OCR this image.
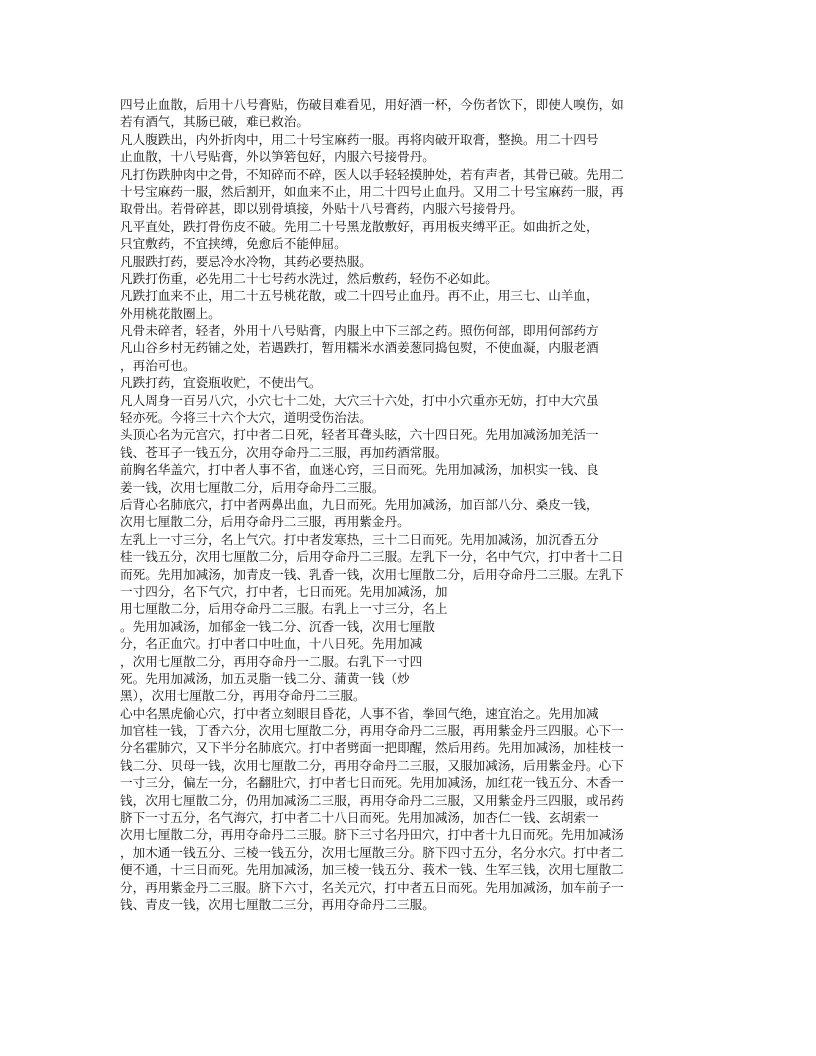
四号止血散，后用十八号膏贴，伤破目难看见，用好酒一杯，今伤者饮下，即使人嗅伤，如
若有酒气，其肠已破，难已救治。
凡人腹跌出，内外折肉中，用二十号宝麻药一服。再将肉破开取膏，整换。用二十四号
止血散，十八号贴膏，外以笋箬包好，内服六号接骨丹。
凡打伤跌肿肉中之骨，不知碎而不碎，医人以手轻轻摸肿处，若有声者，其骨已破。先用二
十号宝麻药一服，然后割开，如血来不止，用二十四号止血丹。又用二十号宝麻药一服，再
取骨出。若骨碎甚，即以别骨填接，外贴十八号膏药，内服六号接骨丹。
凡平直处，跌打骨伤皮不破。先用二十号黑龙散敷好，再用板夹缚平正。如曲折之处，
只宜敷药，不宜挟缚，免愈后不能伸屈。
凡服跌打药，要忌冷水冷物，其药必要热服。
凡跌打伤重，必先用二十七号药水洗过，然后敷药，轻伤不必如此。
凡跌打血来不止，用二十五号桃花散，或二十四号止血丹。再不止，用三七、山羊血，
外用桃花散圈上。
凡骨未碎者，轻者，外用十八号贴膏，内服上中下三部之药。照伤何部，即用何部药方
凡山谷乡村无药铺之处，若遇跌打，暂用糯米水酒姜葱同捣包熨，不使血凝，内服老酒
，再治可也。
凡跌打药，宜瓷瓶收贮，不使出气。
凡人周身一百另八穴，小穴七十二处，大穴三十六处，打中小穴重亦无妨，打中大穴虽
轻亦死。今将三十六个大穴，道明受伤治法。
头顶心名为元宫穴，打中者二日死，轻者耳聋头眩，六十四日死。先用加减汤加羌活一
钱、苍耳子一钱五分，次用夺命丹二三服，再加药酒常服。
前胸名华盖穴，打中者人事不省，血迷心窍，三日而死。先用加减汤，加枳实一钱、良
姜一钱，次用七厘散二分，后用夺命丹二三服。
后背心名肺底穴，打中者两鼻出血，九日而死。先用加减汤，加百部八分、桑皮一钱，
次用七厘散二分，后用夺命丹二三服，再用紫金丹。
左乳上一寸三分，名上气穴。打中者发寒热，三十二日而死。先用加减汤，加沉香五分
桂一钱五分，次用七厘散二分，后用夺命丹二三服。左乳下一分，名中气穴，打中者十二日
而死。先用加减汤，加青皮一钱、乳香一钱，次用七厘散二分，后用夺命丹二三服。左乳下
一寸四分，名下气穴，打中者，七日而死。先用加减汤，加
用七厘散二分，后用夺命丹二三服。右乳上一寸三分，名上
。先用加减汤，加郁金一钱二分、沉香一钱，次用七厘散
分，名正血穴。打中者口中吐血，十八日死。先用加减
，次用七厘散二分，再用夺命丹一二服。右乳下一寸四
死。先用加减汤，加五灵脂一钱二分、蒲黄一钱（炒
黑），次用七厘散二分，再用夺命丹二三服。
心中名黑虎偷心穴，打中者立刻眼目昏花，人事不省，拳回气绝，速宜治之。先用加减
加官桂一钱，丁香六分，次用七厘散二分，再用夺命丹二三服，再用紫金丹三四服。心下一
分名霍肺穴，又下半分名肺底穴。打中者劈面一把即醒，然后用药。先用加减汤，加桂枝一
钱二分、贝母一钱，次用七厘散二分，再用夺命丹二三服，又服加减汤，后用紫金丹。心下
一寸三分，偏左一分，名翻肚穴，打中者七日而死。先用加减汤，加红花一钱五分、木香一
钱，次用七厘散二分，仍用加减汤二三服，再用夺命丹二三服，又用紫金丹三四服，或吊药
脐下一寸五分，名气海穴，打中者二十八日而死。先用加减汤，加杏仁一钱、玄胡索一
次用七厘散二分，再用夺命丹二三服。脐下三寸名丹田穴，打中者十九日而死。先用加减汤
，加木通一钱五分、三棱一钱五分，次用七厘散三分。脐下四寸五分，名分水穴。打中者二
便不通，十三日而死。先用加减汤，加三棱一钱五分、莪术一钱、生军三钱，次用七厘散二
分，再用紫金丹二三服。脐下六寸，名关元穴，打中者五日而死。先用加减汤，加车前子一
钱、青皮一钱，次用七厘散二三分，再用夺命丹二三服。
